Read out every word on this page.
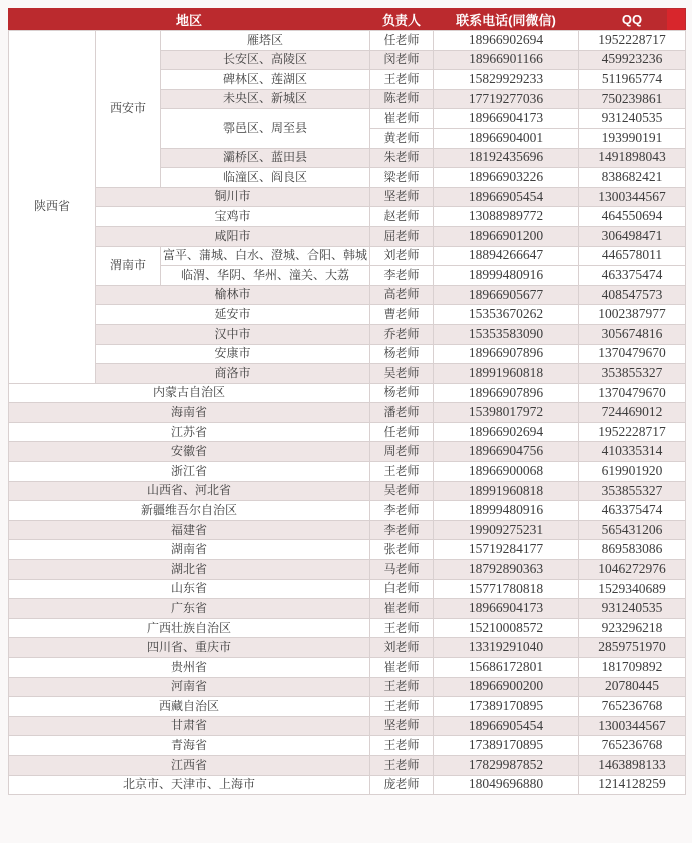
地区			负责人	联系电话(同微信)	QQ

陕西省	西安市	雁塔区	任老师	18966902694	1952228717
		长安区、高陵区	闵老师	18966901166	459923236
		碑林区、莲湖区	王老师	15829929233	511965774
		未央区、新城区	陈老师	17719277036	750239861
		鄠邑区、周至县	崔老师	18966904173	931240535
			黄老师	18966904001	193990191
		灞桥区、蓝田县	朱老师	18192435696	1491898043
		临潼区、阎良区	梁老师	18966903226	838682421
	铜川市		坚老师	18966905454	1300344567
	宝鸡市		赵老师	13088989772	464550694
	咸阳市		屈老师	18966901200	306498471
	渭南市	富平、蒲城、白水、澄城、合阳、韩城	刘老师	18894266647	446578011
		临渭、华阴、华州、潼关、大荔	李老师	18999480916	463375474
	榆林市		高老师	18966905677	408547573
	延安市		曹老师	15353670262	1002387977
	汉中市		乔老师	15353583090	305674816
	安康市		杨老师	18966907896	1370479670
	商洛市		吴老师	18991960818	353855327
内蒙古自治区			杨老师	18966907896	1370479670
海南省			潘老师	15398017972	724469012
江苏省			任老师	18966902694	1952228717
安徽省			周老师	18966904756	410335314
浙江省			王老师	18966900068	619901920
山西省、河北省			吴老师	18991960818	353855327
新疆维吾尔自治区			李老师	18999480916	463375474
福建省			李老师	19909275231	565431206
湖南省			张老师	15719284177	869583086
湖北省			马老师	18792890363	1046272976
山东省			白老师	15771780818	1529340689
广东省			崔老师	18966904173	931240535
广西壮族自治区			王老师	15210008572	923296218
四川省、重庆市			刘老师	13319291040	2859751970
贵州省			崔老师	15686172801	181709892
河南省			王老师	18966900200	20780445
西藏自治区			王老师	17389170895	765236768
甘肃省			坚老师	18966905454	1300344567
青海省			王老师	17389170895	765236768
江西省			王老师	17829987852	1463898133
北京市、天津市、上海市			庞老师	18049696880	1214128259
